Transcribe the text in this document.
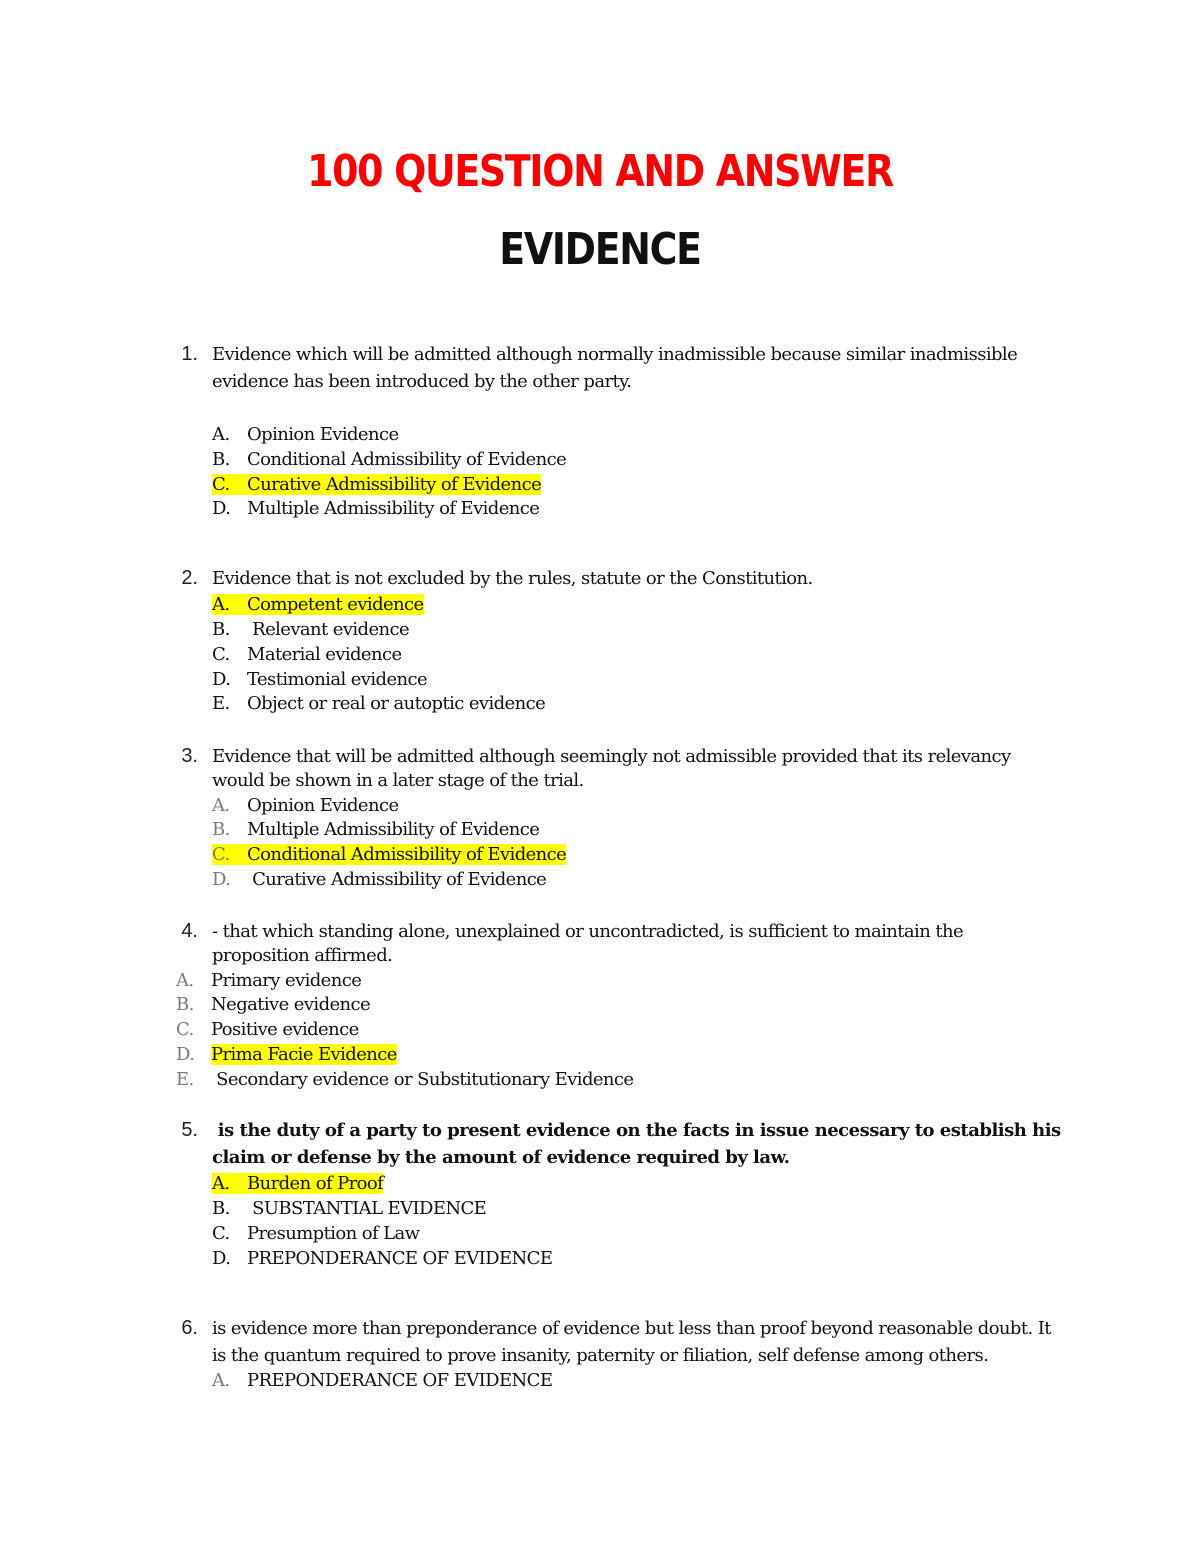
100 QUESTION AND ANSWER
EVIDENCE
1. Evidence which will be admitted although normally inadmissible because similar inadmissible
evidence has been introduced by the other party.
A. Opinion Evidence
B. Conditional Admissibility of Evidence
C. Curative Admissibility of Evidence
D. Multiple Admissibility of Evidence
2. Evidence that is not excluded by the rules, statute or the Constitution.
A. Competent evidence
B. Relevant evidence
C. Material evidence
D. Testimonial evidence
E. Object or real or autoptic evidence
3. Evidence that will be admitted although seemingly not admissible provided that its relevancy
would be shown in a later stage of the trial.
A. Opinion Evidence
B. Multiple Admissibility of Evidence
C. Conditional Admissibility of Evidence
D. Curative Admissibility of Evidence
4. - that which standing alone, unexplained or uncontradicted, is sufficient to maintain the
proposition affirmed.
A. Primary evidence
B. Negative evidence
C. Positive evidence
D. Prima Facie Evidence
E. Secondary evidence or Substitutionary Evidence
5. is the duty of a party to present evidence on the facts in issue necessary to establish his
claim or defense by the amount of evidence required by law.
A. Burden of Proof
B. SUBSTANTIAL EVIDENCE
C. Presumption of Law
D. PREPONDERANCE OF EVIDENCE
6. is evidence more than preponderance of evidence but less than proof beyond reasonable doubt. It
is the quantum required to prove insanity, paternity or filiation, self defense among others.
A. PREPONDERANCE OF EVIDENCE
